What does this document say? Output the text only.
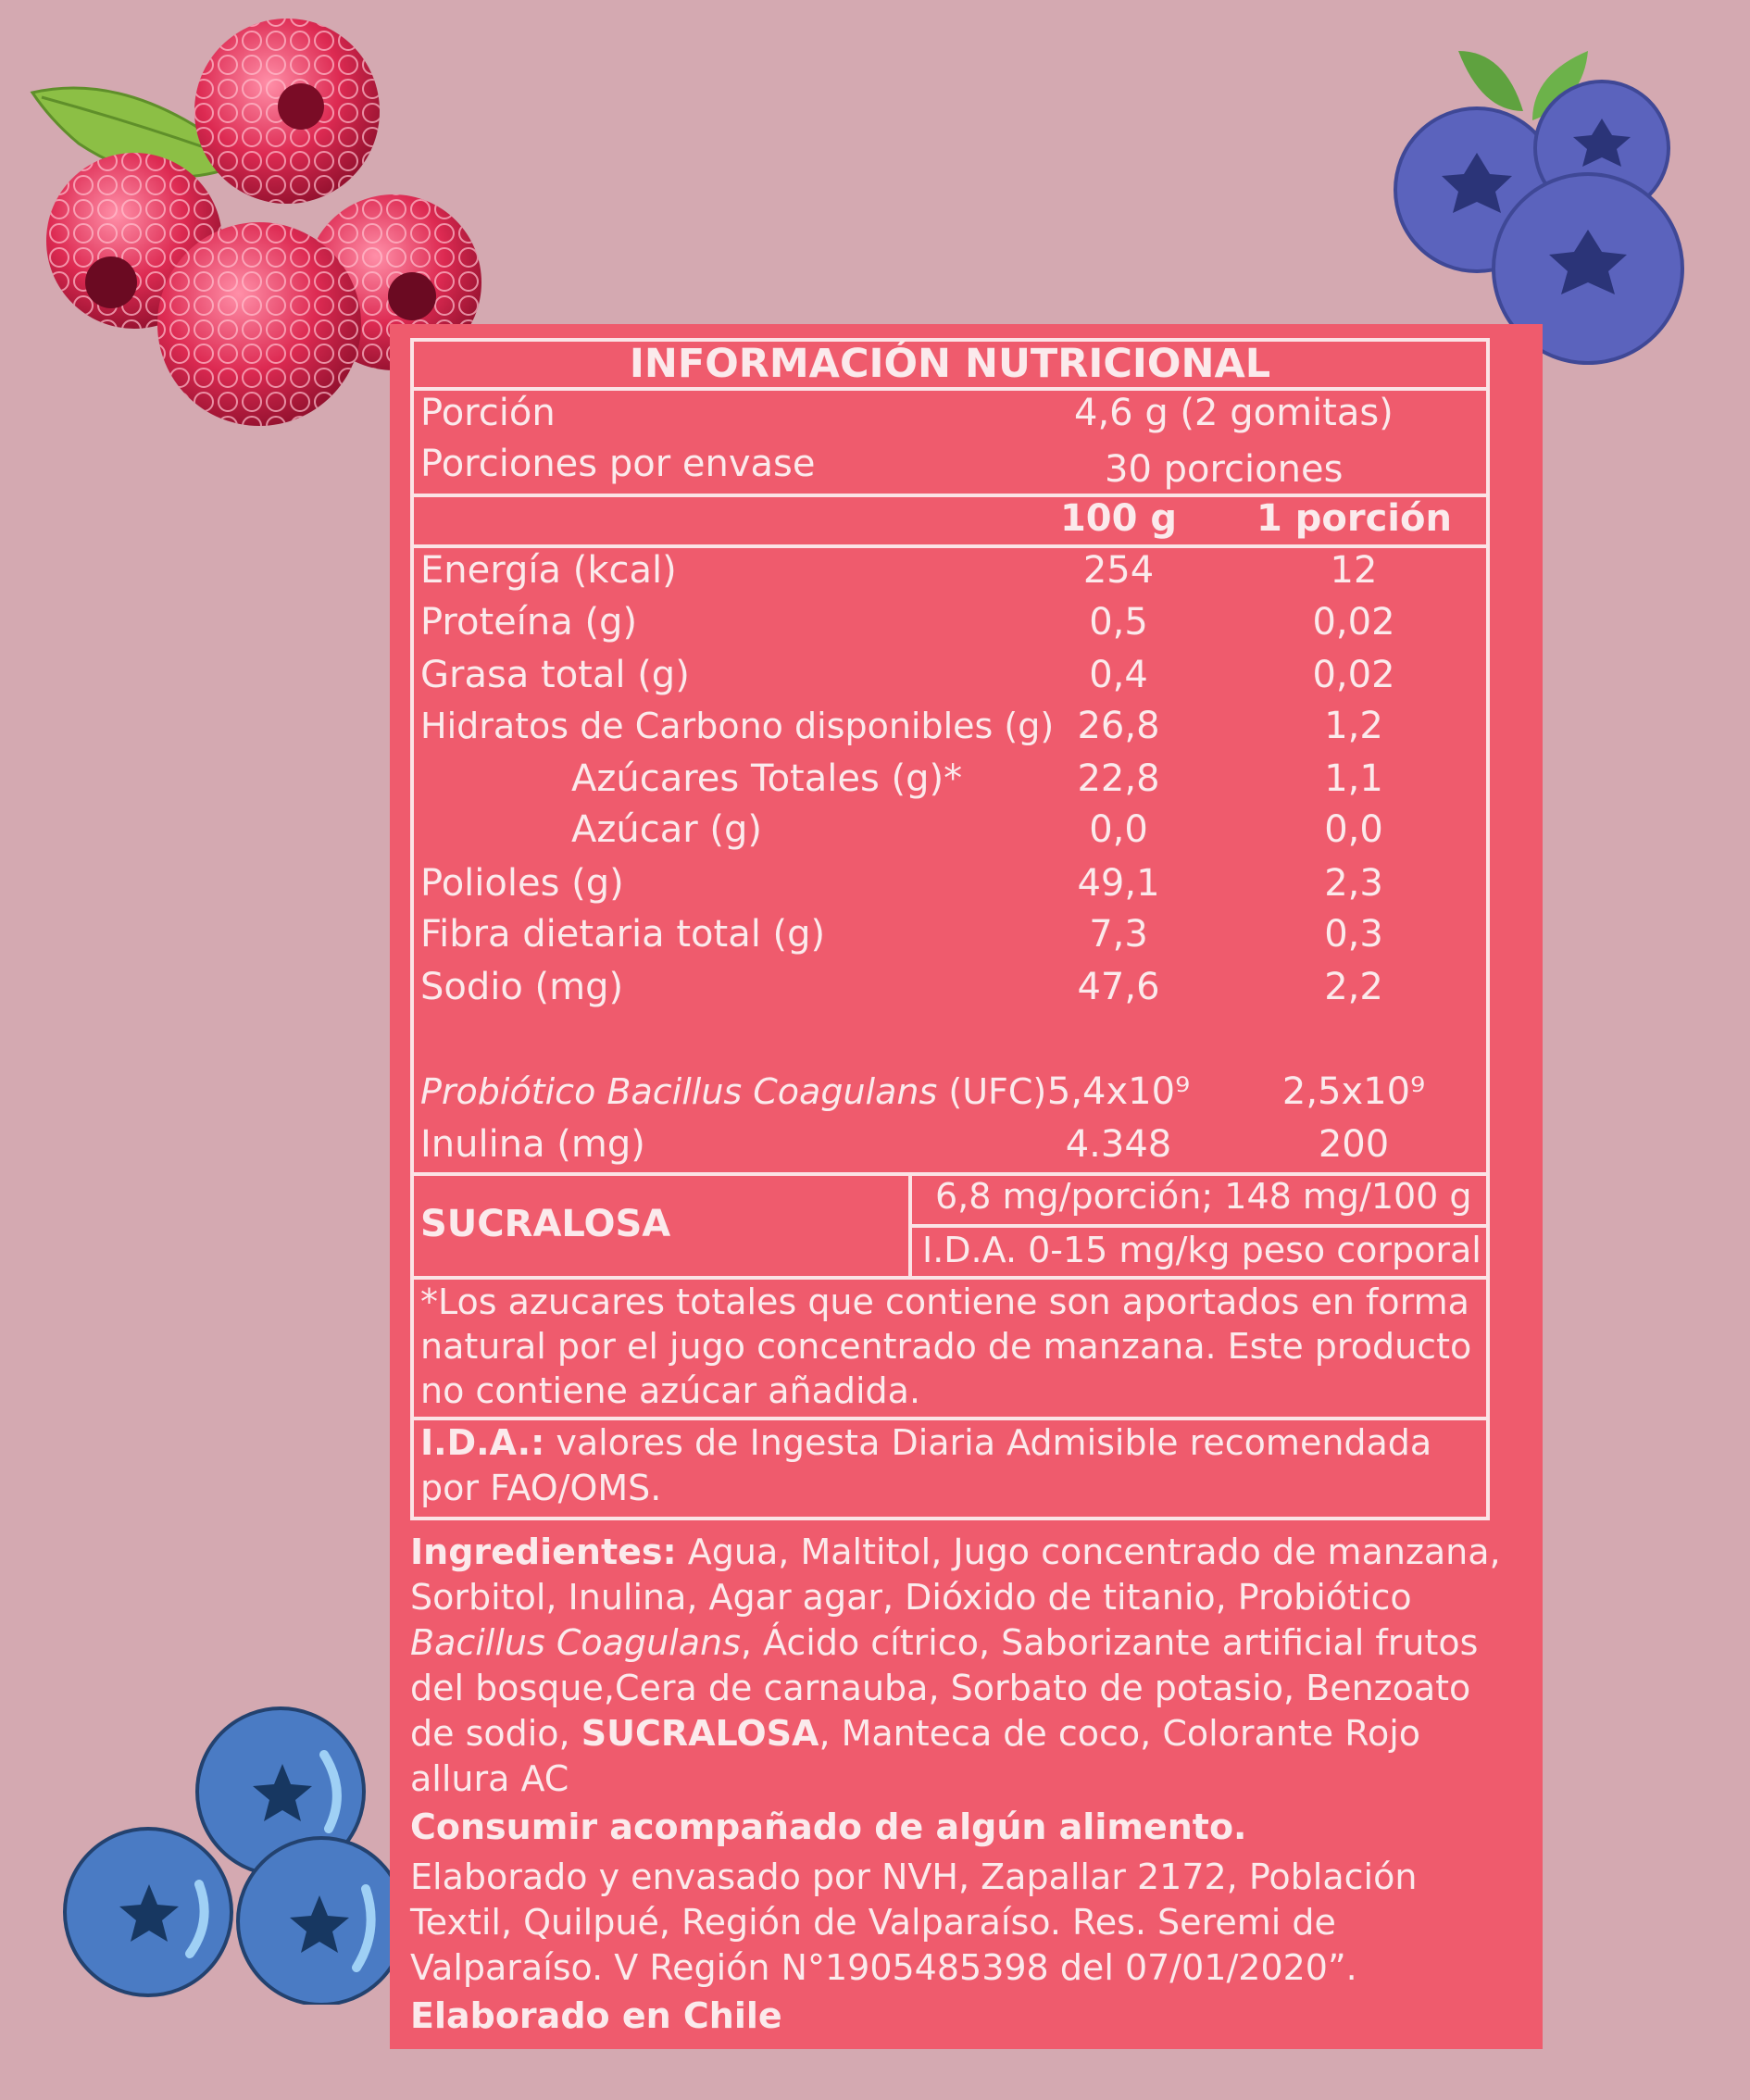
INFORMACIÓN NUTRICIONAL
Porción	4,6 g (2 gomitas)
Porciones por envase	30 porciones
100 g	1 porción
Energía (kcal)	254	12
Proteína (g)	0,5	0,02
Grasa total (g)	0,4	0,02
Hidratos de Carbono disponibles (g) 26,8	1,2
Azúcares Totales (g)*	22,8	1,1
Azúcar (g)	0,0	0,0
Polioles (g)	49,1	2,3
Fibra dietaria total (g)	7,3	0,3
Sodio (mg)	47,6	2,2
Probiótico Bacillus Coagulans (UFC) 5,4x10⁹	2,5x10⁹
Inulina (mg)	4.348	200
SUCRALOSA
6,8 mg/porción; 148 mg/100 g
I.D.A. 0-15 mg/kg peso corporal
*Los azucares totales que contiene son aportados en forma natural por el jugo concentrado de manzana. Este producto no contiene azúcar añadida.
I.D.A.: valores de Ingesta Diaria Admisible recomendada por FAO/OMS.
Ingredientes: Agua, Maltitol, Jugo concentrado de manzana, Sorbitol, Inulina, Agar agar, Dióxido de titanio, Probiótico Bacillus Coagulans, Ácido cítrico, Saborizante artificial frutos del bosque,Cera de carnauba, Sorbato de potasio, Benzoato de sodio, SUCRALOSA, Manteca de coco, Colorante Rojo allura AC
Consumir acompañado de algún alimento.
Elaborado y envasado por NVH, Zapallar 2172, Población Textil, Quilpué, Región de Valparaíso. Res. Seremi de Valparaíso. V Región N°1905485398 del 07/01/2020”.
Elaborado en Chile
